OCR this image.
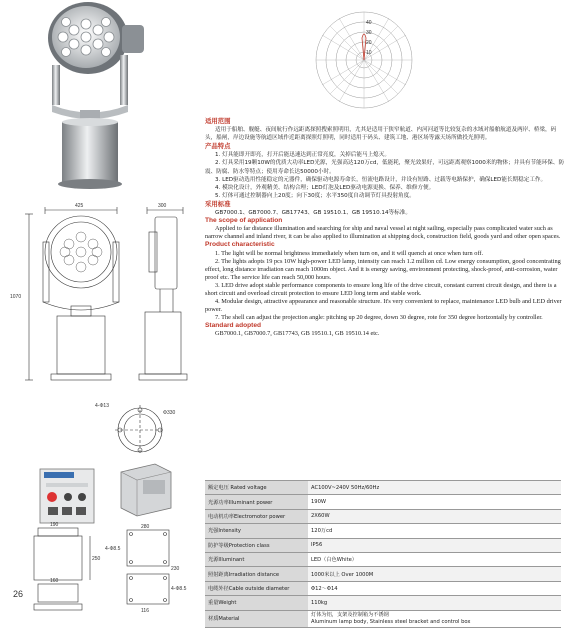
10
20
30
40
425	300
1070
4-Φ13
Φ330
190
250
160
280
4-Φ8.5
230
116
4-Φ8.5

适用范围

适用于船舶、舰艇、夜间航行作远距离探照搜索照明用，尤其是适用于狭窄航道、内河河道等比较复杂的水域对船舶航道及两岸、桥梁，码头，船闸，岸边设施等航道区域作近距离探照灯照明，同时适用于码头、建筑工地、港区场等露天场所做投光照明。

产品特点

1. 灯具能即开即亮，打开后能迅速达到正常亮度，关掉后能马上熄灭。

2. 灯具采用19颗10W的优质大功率LED光源，光强高达120万cd，低能耗，聚光效果好，可远距离观察1000米的物体；并具有节能环保、防震、防腐、防水等特点；使用寿命长达50000小时。

3. LED驱动选用性能稳定的元器件，确保驱动电源寿命长，恒流电路设计，并设有短路、过载等电路保护，确保LED能长期稳定工作。

4. 模块化设计，外观精美、结构合理；LED灯泡及LED驱动电源更换、保养、维修方便。

5. 灯体可通过控制器向上20度；向下30度；水平350度自动调节灯具投射角度。

采用标准

GB7000.1、GB7000.7、GB17743、GB 19510.1、GB 19510.14等标准。

The scope of application

Applied to far distance illumination and searching for ship and naval vessel at night sailing, especially pass complicated water such as narrow channel and inland river, it can be also applied to illumination at shipping dock, construction field, goods yard and other open spaces.

Product characteristic

1. The light will be normal brightness immediately when turn on, and it will quench at once when turn off.

2. The lights adopts 19 pcs 10W high-power LED lamp, intensity can reach 1.2 million cd. Low energy consumption, good concentrating effect, long distance irradiation can reach 1000m object. And it is energy saving, environment protecting, shock-proof, anti-corrosion, water proof etc. The service life can reach 50,000 hours.

3. LED drive adopt stable performance components to ensure long life of the drive circuit, constant current circuit design, and there is a short circuit and overload circuit protection to ensure LED long term and stable work.

4. Modular design, attractive appearance and reasonable structure. It's very convenient to replace, maintenance LED bulb and LED driver power.

7. The shell can adjust the projection angle: pitching up 20 degree, down 30 degree, rote for 350 degree horizontally by controller.

Standard adopted

GB7000.1, GB7000.7, GB17743, GB 19510.1, GB 19510.14 etc.

额定电压 Rated voltage	AC100V~240V 50Hz/60Hz
光源功率Illuminant power	190W
电动机功率Electromotor power	2X60W
光强Intensity	120万cd
防护等级Protection class	IP56
光源Illuminant	LED（白色White）
照射距离Irradiation distance	1000米以上 Over 1000M
电缆外径Cable outside diameter	Φ12～Φ14
重量Weight	110kg
材质Material	灯体为铝，支架及控制箱为不锈钢
Aluminum lamp body, Stainless steel bracket and control box
26
